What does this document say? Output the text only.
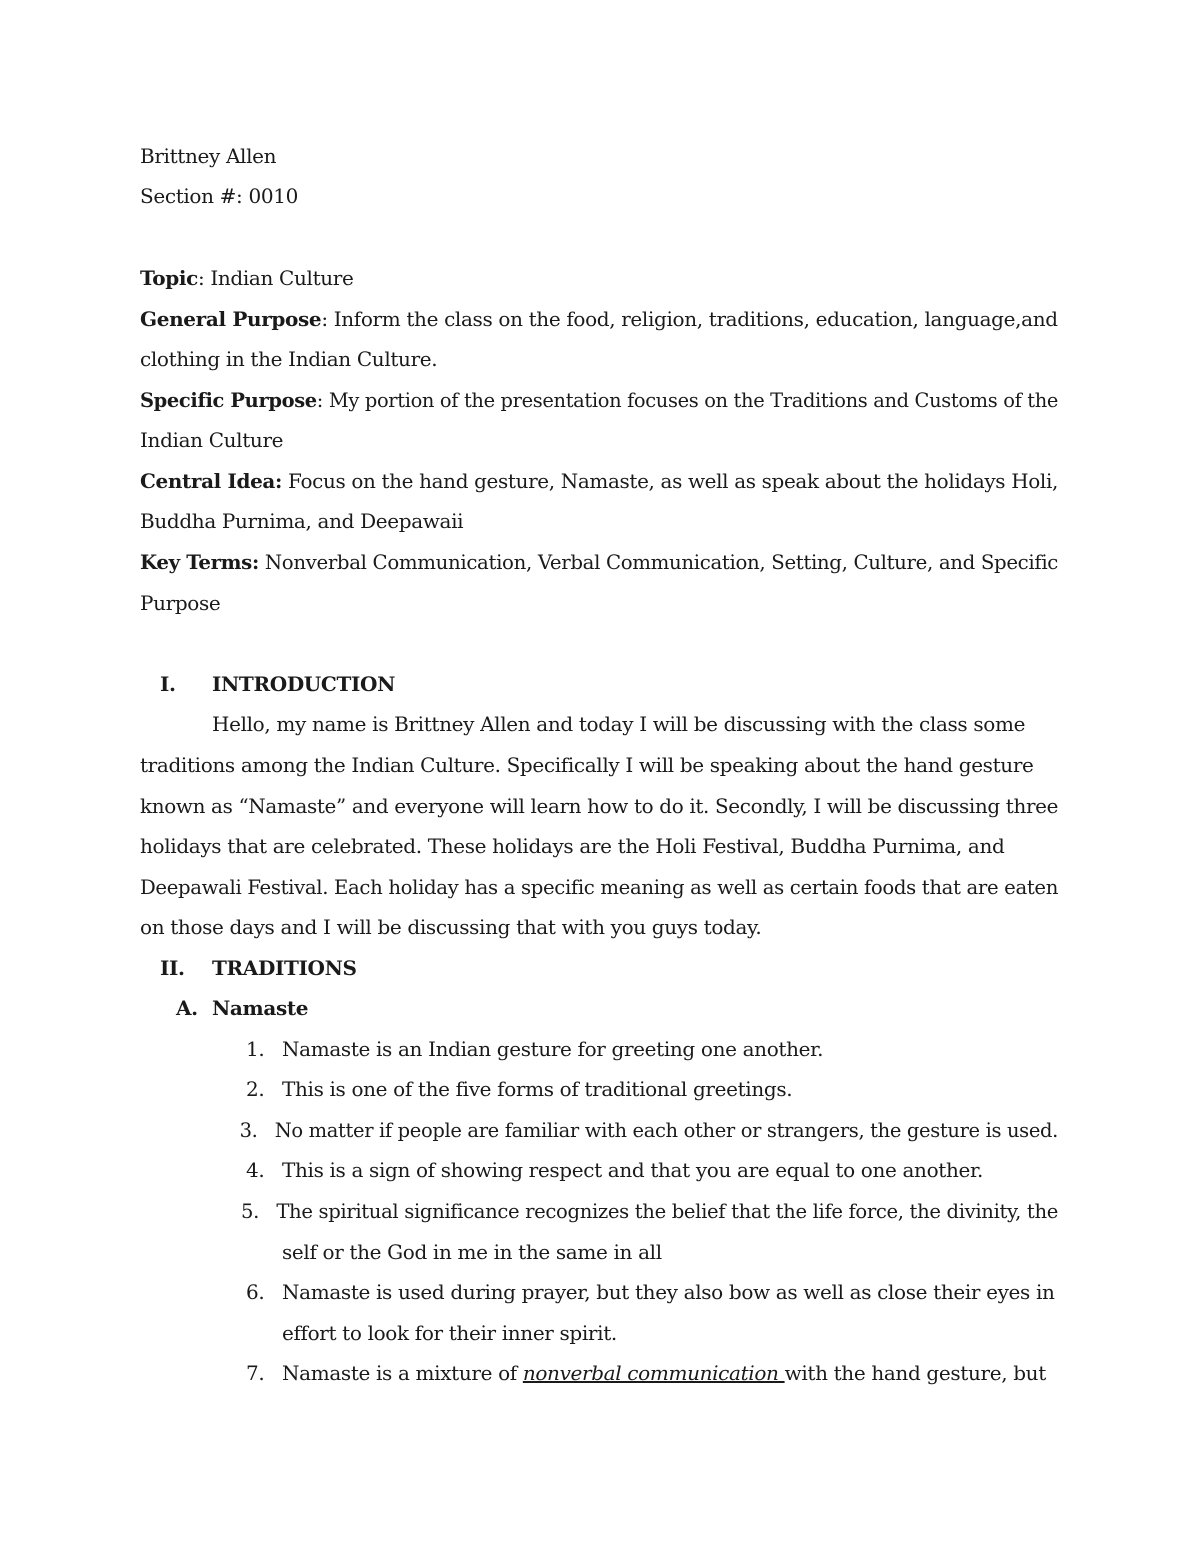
Brittney Allen
Section #: 0010
Topic: Indian Culture
General Purpose: Inform the class on the food, religion, traditions, education, language,and
clothing in the Indian Culture.
Specific Purpose: My portion of the presentation focuses on the Traditions and Customs of the
Indian Culture
Central Idea: Focus on the hand gesture, Namaste, as well as speak about the holidays Holi,
Buddha Purnima, and Deepawaii
Key Terms: Nonverbal Communication, Verbal Communication, Setting, Culture, and Specific
Purpose
I. INTRODUCTION
Hello, my name is Brittney Allen and today I will be discussing with the class some
traditions among the Indian Culture. Specifically I will be speaking about the hand gesture
known as “Namaste” and everyone will learn how to do it. Secondly, I will be discussing three
holidays that are celebrated. These holidays are the Holi Festival, Buddha Purnima, and
Deepawali Festival. Each holiday has a specific meaning as well as certain foods that are eaten
on those days and I will be discussing that with you guys today.
II. TRADITIONS
A. Namaste
1. Namaste is an Indian gesture for greeting one another.
2. This is one of the five forms of traditional greetings.
3. No matter if people are familiar with each other or strangers, the gesture is used.
4. This is a sign of showing respect and that you are equal to one another.
5. The spiritual significance recognizes the belief that the life force, the divinity, the
self or the God in me in the same in all
6. Namaste is used during prayer, but they also bow as well as close their eyes in
effort to look for their inner spirit.
7. Namaste is a mixture of nonverbal communication with the hand gesture, but
